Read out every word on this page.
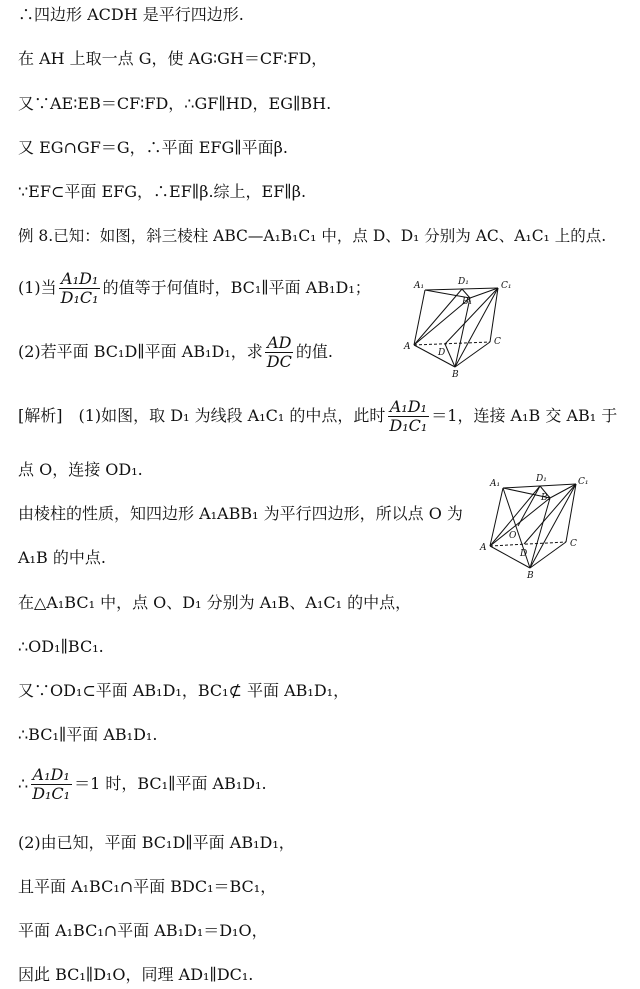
∴四边形 ACDH 是平行四边形.
在 AH 上取一点 G，使 AG∶GH＝CF∶FD，
又∵AE∶EB＝CF∶FD，∴GF∥HD，EG∥BH.
又 EG∩GF＝G，∴平面 EFG∥平面β.
∵EF⊂平面 EFG，∴EF∥β.综上，EF∥β.
例 8.已知：如图，斜三棱柱 ABC—A₁B₁C₁ 中，点 D、D₁ 分别为 AC、A₁C₁ 上的点.
(1)当 $\frac{\text{A₁D₁}}{\text{D₁C₁}}$ 的值等于何值时，BC₁∥平面 AB₁D₁；
(2)若平面 BC₁D∥平面 AB₁D₁，求 $\frac{AD}{DC}$ 的值.
[解析]　(1)如图，取 D₁ 为线段 A₁C₁ 的中点，此时 $\frac{\text{A₁D₁}}{\text{D₁C₁}} =1$，连接 A₁B 交 AB₁ 于
点 O，连接 OD₁.
由棱柱的性质，知四边形 A₁ABB₁ 为平行四边形，所以点 O 为
A₁B 的中点.
在△A₁BC₁ 中，点 O、D₁ 分别为 A₁B、A₁C₁ 的中点，
∴OD₁∥BC₁.
又∵OD₁⊂平面 AB₁D₁，BC₁⊄ 平面 AB₁D₁，
∴BC₁∥平面 AB₁D₁.
∴ $\frac{\text{A₁D₁}}{\text{D₁C₁}} =1$ 时，BC₁∥平面 AB₁D₁.
(2)由已知，平面 BC₁D∥平面 AB₁D₁，
且平面 A₁BC₁∩平面 BDC₁＝BC₁，
平面 A₁BC₁∩平面 AB₁D₁＝D₁O，
因此 BC₁∥D₁O，同理 AD₁∥DC₁.
A₁	D₁
B₁
C₁
A
D
C
B
A₁	D₁
B₁
C₁
A
O
D
C
B
